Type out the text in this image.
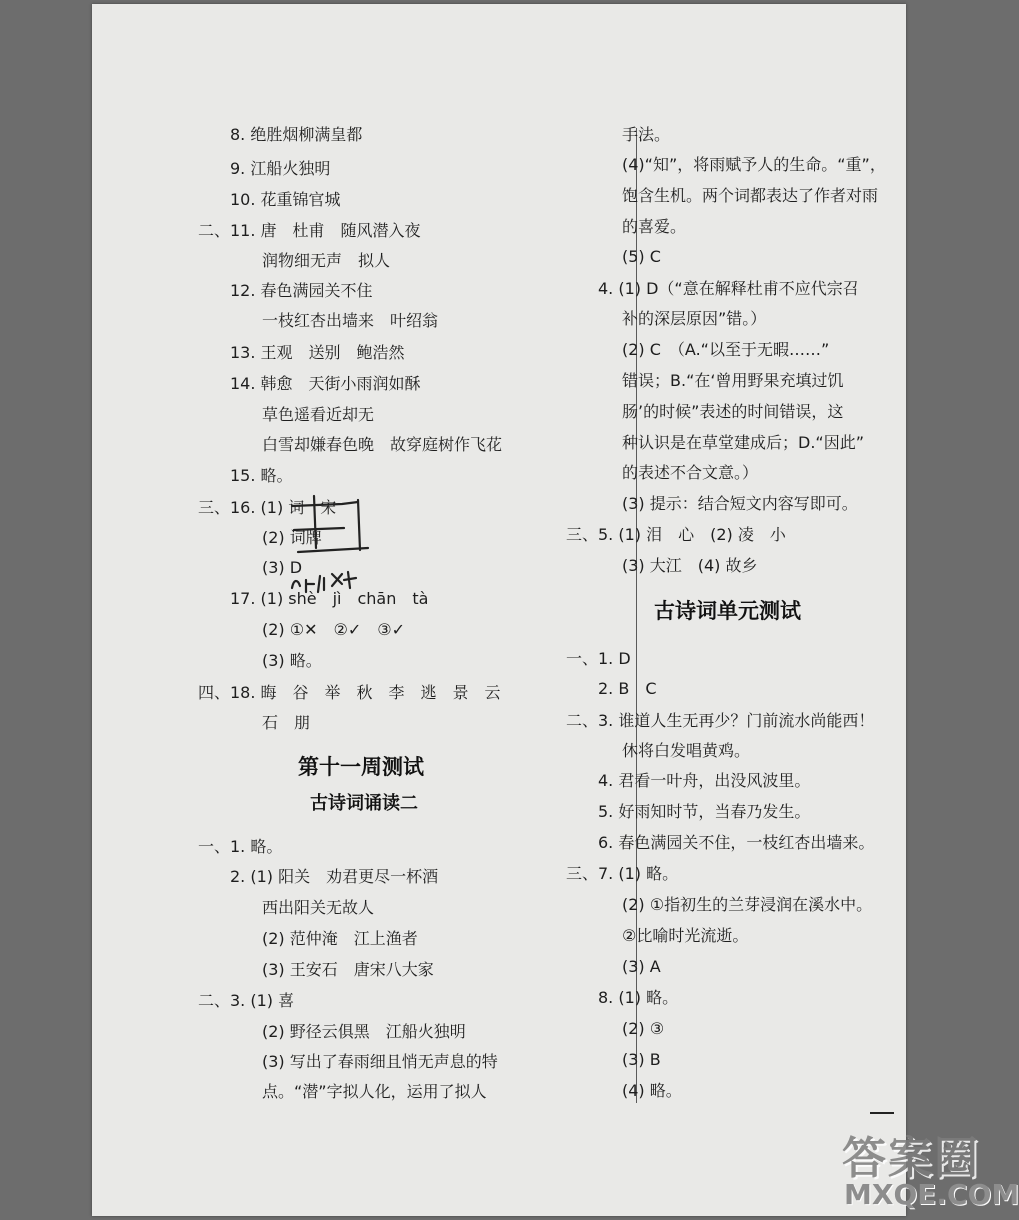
8. 绝胜烟柳满皇都
9. 江船火独明
10. 花重锦官城
二、11. 唐　杜甫　随风潜入夜
润物细无声　拟人
12. 春色满园关不住
一枝红杏出墙来　叶绍翁
13. 王观　送别　鲍浩然
14. 韩愈　天街小雨润如酥
草色遥看近却无
白雪却嫌春色晚　故穿庭树作飞花
15. 略。
三、16. (1) 词　宋
(2) 词牌
(3) D
17. (1) shè　jì　chān　tà
(2) ①✕　②✓　③✓
(3) 略。
四、18. 晦　谷　举　秋　李　逃　景　云
石　朋
第十一周测试
古诗词诵读二
一、1. 略。
2. (1) 阳关　劝君更尽一杯酒
西出阳关无故人
(2) 范仲淹　江上渔者
(3) 王安石　唐宋八大家
二、3. (1) 喜
(2) 野径云俱黑　江船火独明
(3) 写出了春雨细且悄无声息的特
点。“潜”字拟人化，运用了拟人
手法。
(4)“知”，将雨赋予人的生命。“重”，
饱含生机。两个词都表达了作者对雨
的喜爱。
(5) C
4. (1) D（“意在解释杜甫不应代宗召
补的深层原因”错。）
(2) C　（A.“以至于无暇……”
错误；B.“在‘曾用野果充填过饥
肠’的时候”表述的时间错误，这
种认识是在草堂建成后；D.“因此”
的表述不合文意。）
(3) 提示：结合短文内容写即可。
三、5. (1) 泪　心　(2) 凌　小
(3) 大江　(4) 故乡
古诗词单元测试
一、1. D
2. B　C
二、3. 谁道人生无再少？门前流水尚能西！
休将白发唱黄鸡。
4. 君看一叶舟，出没风波里。
5. 好雨知时节，当春乃发生。
6. 春色满园关不住，一枝红杏出墙来。
三、7. (1) 略。
(2) ①指初生的兰芽浸润在溪水中。
②比喻时光流逝。
(3) A
8. (1) 略。
(2) ③
(3) B
(4) 略。
答案圈
MXQE.COM
